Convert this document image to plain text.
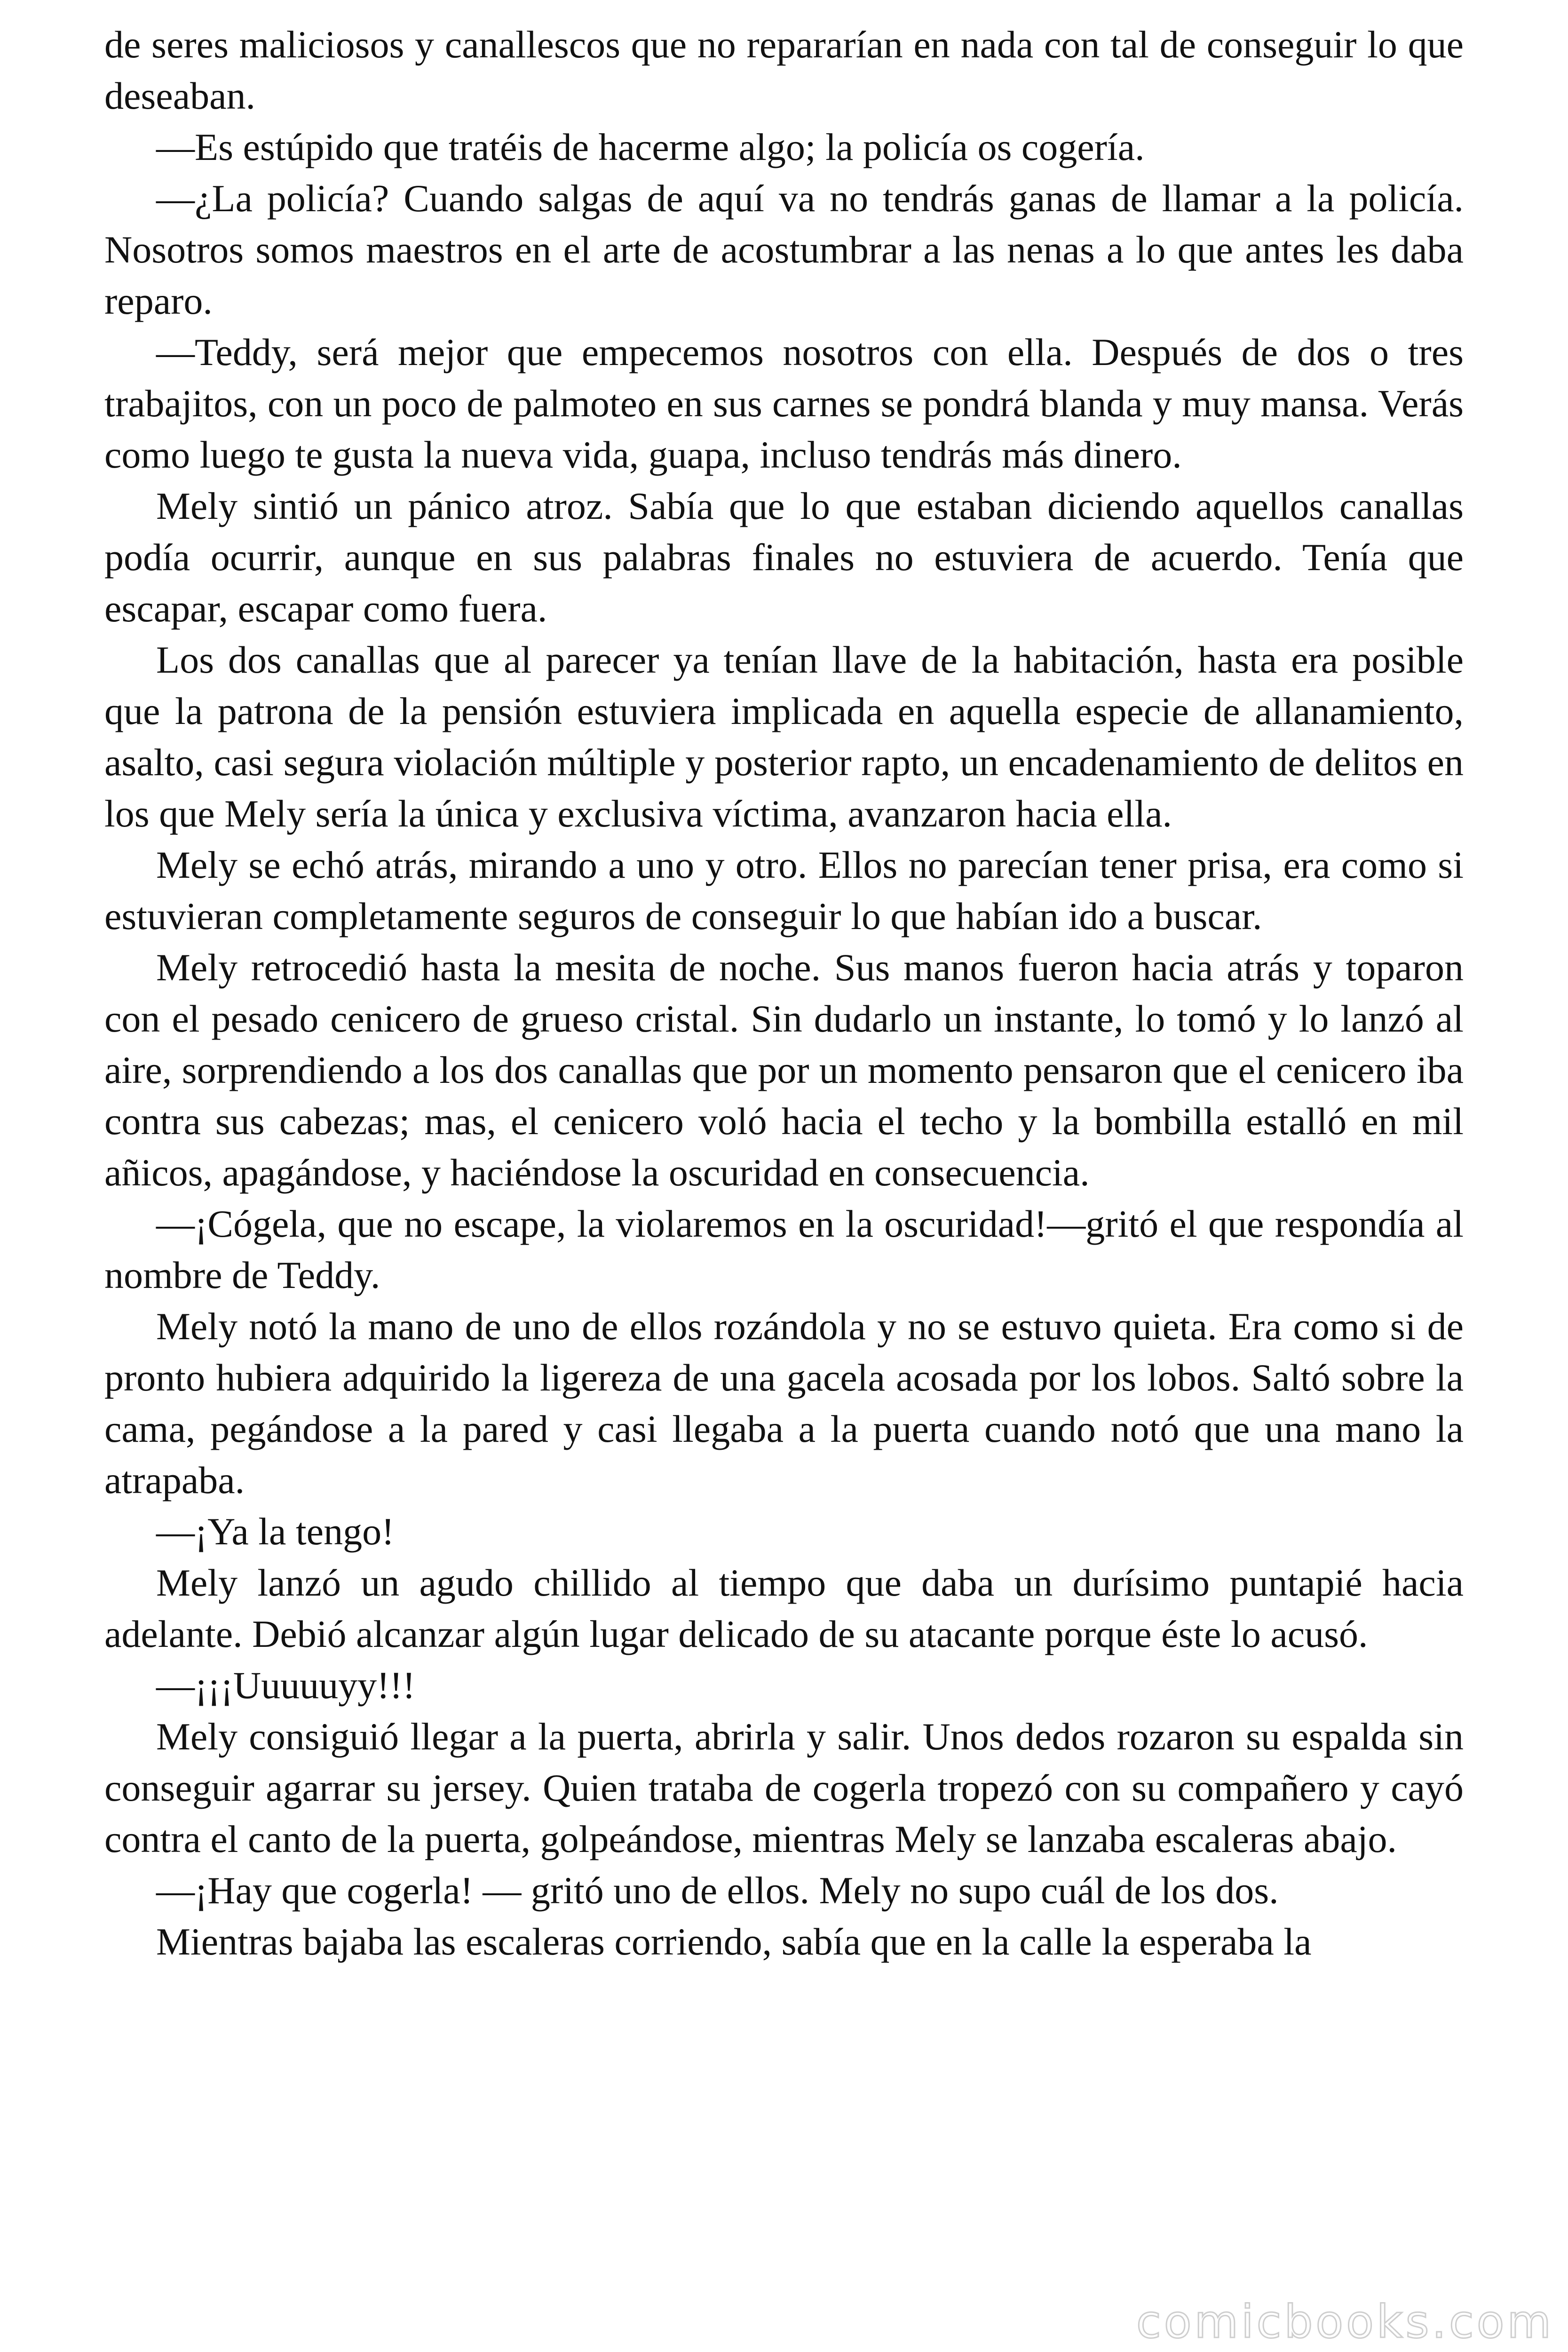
de seres maliciosos y canallescos que no repararían en nada con tal de conseguir lo que deseaban.

—Es estúpido que tratéis de hacerme algo; la policía os cogería.

—¿La policía? Cuando salgas de aquí va no tendrás ganas de llamar a la policía. Nosotros somos maestros en el arte de acostumbrar a las nenas a lo que antes les daba reparo.

—Teddy, será mejor que empecemos nosotros con ella. Después de dos o tres trabajitos, con un poco de palmoteo en sus carnes se pondrá blanda y muy mansa. Verás como luego te gusta la nueva vida, guapa, incluso tendrás más dinero.

Mely sintió un pánico atroz. Sabía que lo que estaban diciendo aquellos canallas podía ocurrir, aunque en sus palabras finales no estuviera de acuerdo. Tenía que escapar, escapar como fuera.

Los dos canallas que al parecer ya tenían llave de la habitación, hasta era posible que la patrona de la pensión estuviera implicada en aquella especie de allanamiento, asalto, casi segura violación múltiple y posterior rapto, un encadenamiento de delitos en los que Mely sería la única y exclusiva víctima, avanzaron hacia ella.

Mely se echó atrás, mirando a uno y otro. Ellos no parecían tener prisa, era como si estuvieran completamente seguros de conseguir lo que habían ido a buscar.

Mely retrocedió hasta la mesita de noche. Sus manos fueron hacia atrás y toparon con el pesado cenicero de grueso cristal. Sin dudarlo un instante, lo tomó y lo lanzó al aire, sorprendiendo a los dos canallas que por un momento pensaron que el cenicero iba contra sus cabezas; mas, el cenicero voló hacia el techo y la bombilla estalló en mil añicos, apagándose, y haciéndose la oscuridad en consecuencia.

—¡Cógela, que no escape, la violaremos en la oscuridad!—gritó el que respondía al nombre de Teddy.

Mely notó la mano de uno de ellos rozándola y no se estuvo quieta. Era como si de pronto hubiera adquirido la ligereza de una gacela acosada por los lobos. Saltó sobre la cama, pegándose a la pared y casi llegaba a la puerta cuando notó que una mano la atrapaba.

—¡Ya la tengo!

Mely lanzó un agudo chillido al tiempo que daba un durísimo puntapié hacia adelante. Debió alcanzar algún lugar delicado de su atacante porque éste lo acusó.

—¡¡¡Uuuuuyy!!!

Mely consiguió llegar a la puerta, abrirla y salir. Unos dedos rozaron su espalda sin conseguir agarrar su jersey. Quien trataba de cogerla tropezó con su compañero y cayó contra el canto de la puerta, golpeándose, mientras Mely se lanzaba escaleras abajo.

—¡Hay que cogerla! — gritó uno de ellos. Mely no supo cuál de los dos.

Mientras bajaba las escaleras corriendo, sabía que en la calle la esperaba la

comicbooks.com
